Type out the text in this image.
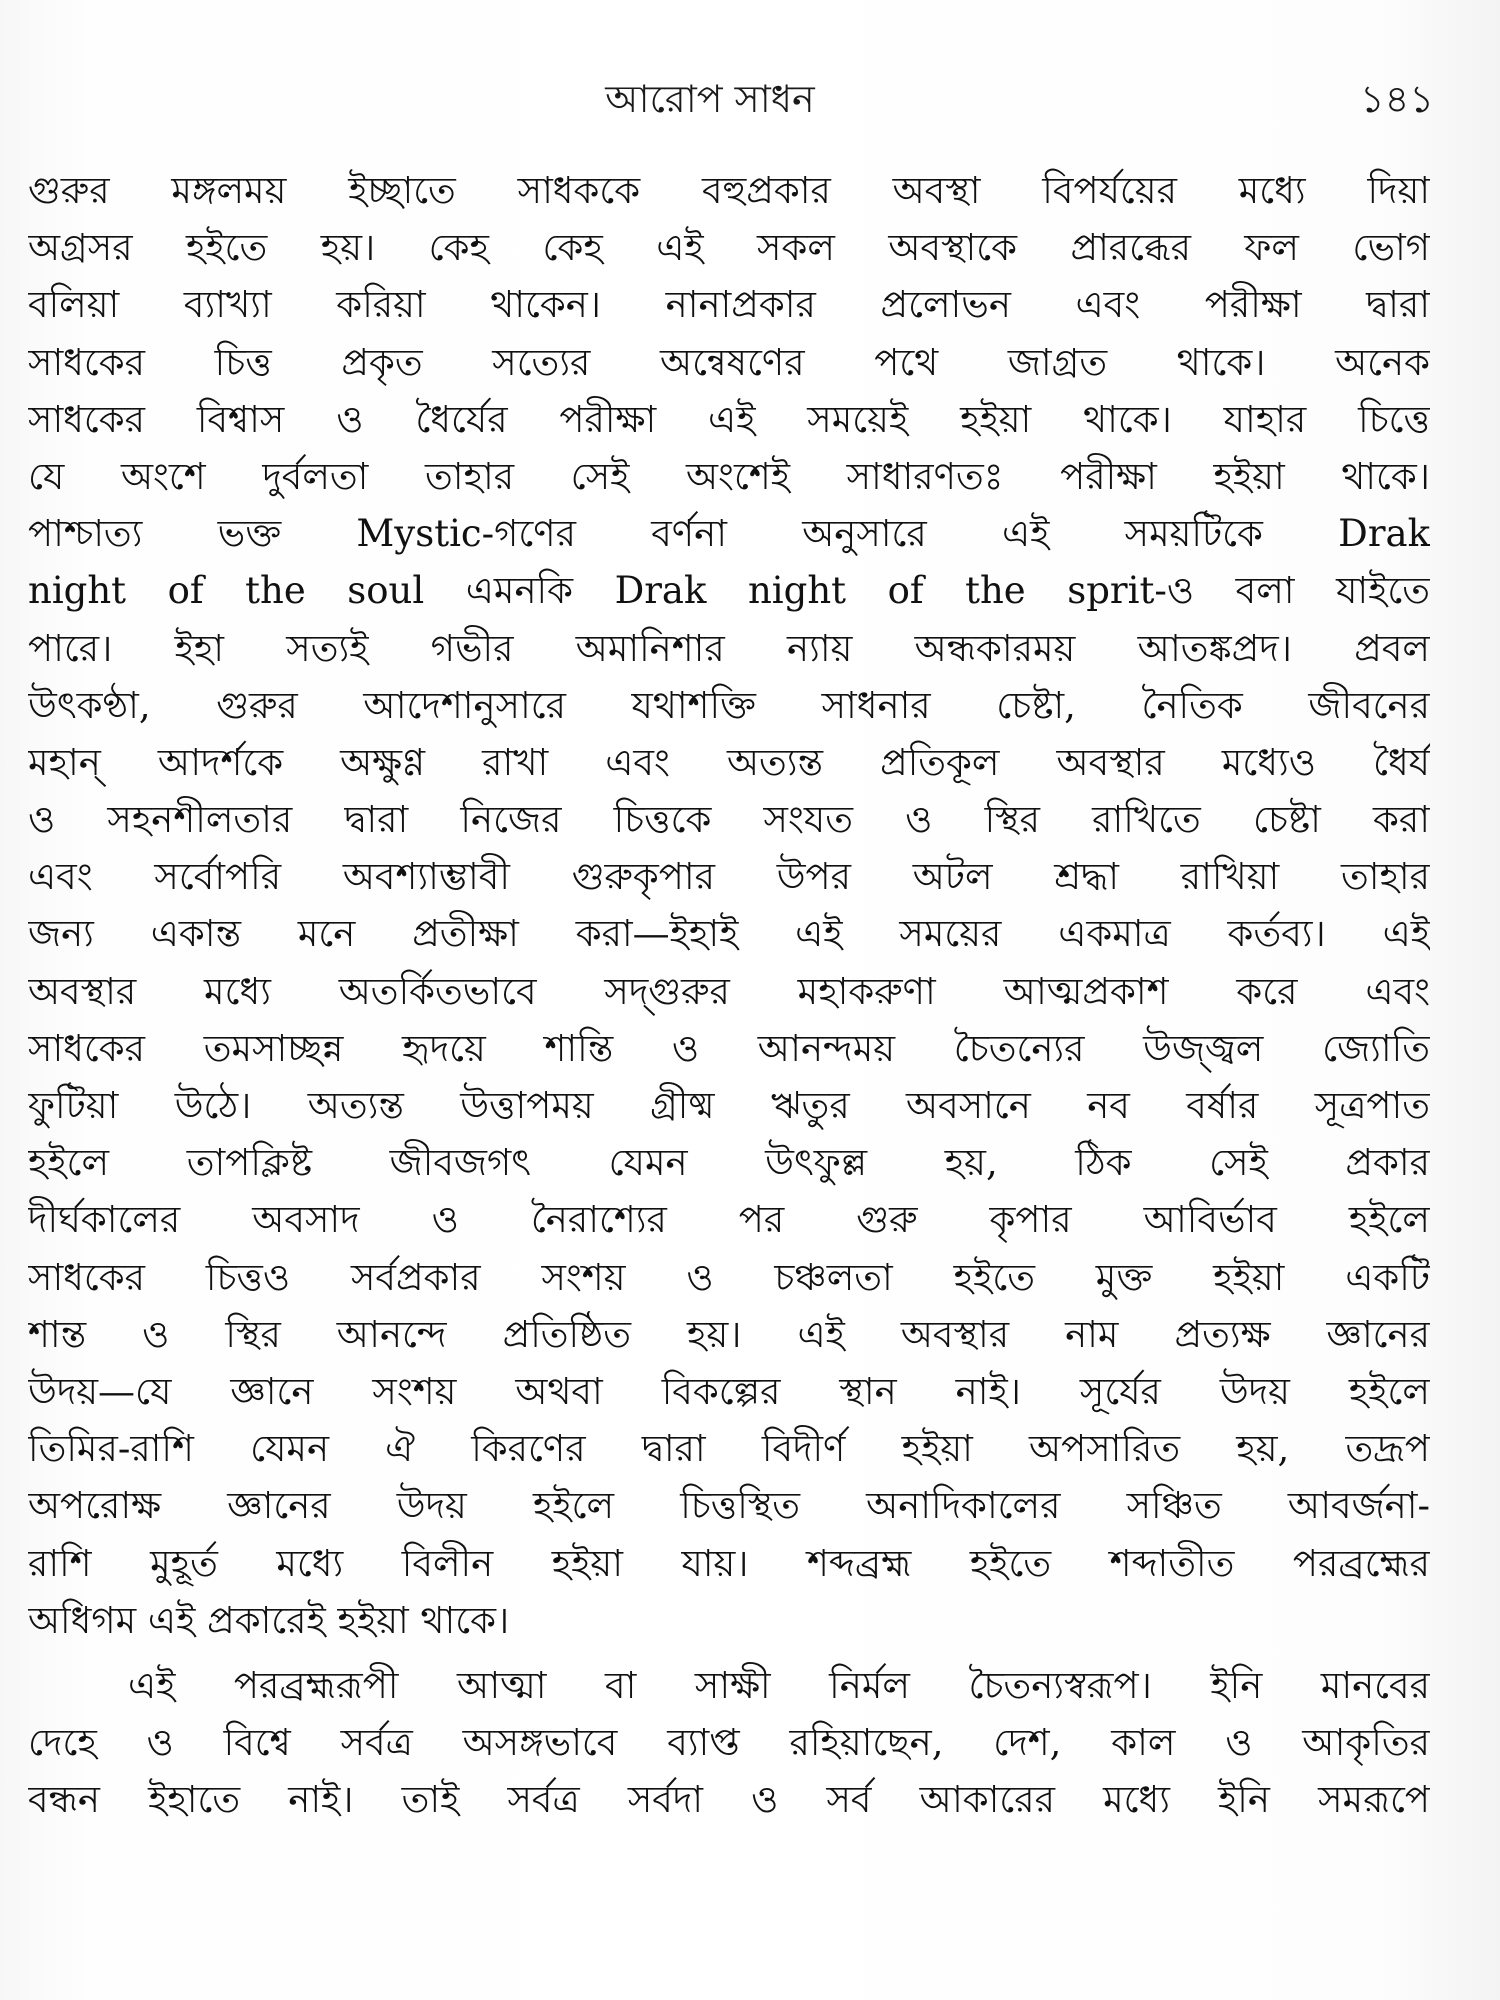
আরোপ সাধন	১৪১
গুরুর মঙ্গলময় ইচ্ছাতে সাধককে বহুপ্রকার অবস্থা বিপর্যয়ের মধ্যে দিয়া
অগ্রসর হইতে হয়। কেহ কেহ এই সকল অবস্থাকে প্রারব্ধের ফল ভোগ
বলিয়া ব্যাখ্যা করিয়া থাকেন। নানাপ্রকার প্রলোভন এবং পরীক্ষা দ্বারা
সাধকের চিত্ত প্রকৃত সত্যের অন্বেষণের পথে জাগ্রত থাকে। অনেক
সাধকের বিশ্বাস ও ধৈর্যের পরীক্ষা এই সময়েই হইয়া থাকে। যাহার চিত্তে
যে অংশে দুর্বলতা তাহার সেই অংশেই সাধারণতঃ পরীক্ষা হইয়া থাকে।
পাশ্চাত্য ভক্ত Mystic-গণের বর্ণনা অনুসারে এই সময়টিকে Drak
night of the soul এমনকি Drak night of the sprit-ও বলা যাইতে
পারে। ইহা সত্যই গভীর অমানিশার ন্যায় অন্ধকারময় আতঙ্কপ্রদ। প্রবল
উৎকণ্ঠা, গুরুর আদেশানুসারে যথাশক্তি সাধনার চেষ্টা, নৈতিক জীবনের
মহান্ আদর্শকে অক্ষুণ্ণ রাখা এবং অত্যন্ত প্রতিকূল অবস্থার মধ্যেও ধৈর্য
ও সহনশীলতার দ্বারা নিজের চিত্তকে সংযত ও স্থির রাখিতে চেষ্টা করা
এবং সর্বোপরি অবশ্যাম্ভাবী গুরুকৃপার উপর অটল শ্রদ্ধা রাখিয়া তাহার
জন্য একান্ত মনে প্রতীক্ষা করা—ইহাই এই সময়ের একমাত্র কর্তব্য। এই
অবস্থার মধ্যে অতর্কিতভাবে সদ্গুরুর মহাকরুণা আত্মপ্রকাশ করে এবং
সাধকের তমসাচ্ছন্ন হৃদয়ে শান্তি ও আনন্দময় চৈতন্যের উজ্জ্বল জ্যোতি
ফুটিয়া উঠে। অত্যন্ত উত্তাপময় গ্রীষ্ম ঋতুর অবসানে নব বর্ষার সূত্রপাত
হইলে তাপক্লিষ্ট জীবজগৎ যেমন উৎফুল্ল হয়, ঠিক সেই প্রকার
দীর্ঘকালের অবসাদ ও নৈরাশ্যের পর গুরু কৃপার আবির্ভাব হইলে
সাধকের চিত্তও সর্বপ্রকার সংশয় ও চঞ্চলতা হইতে মুক্ত হইয়া একটি
শান্ত ও স্থির আনন্দে প্রতিষ্ঠিত হয়। এই অবস্থার নাম প্রত্যক্ষ জ্ঞানের
উদয়—যে জ্ঞানে সংশয় অথবা বিকল্পের স্থান নাই। সূর্যের উদয় হইলে
তিমির-রাশি যেমন ঐ কিরণের দ্বারা বিদীর্ণ হইয়া অপসারিত হয়, তদ্রূপ
অপরোক্ষ জ্ঞানের উদয় হইলে চিত্তস্থিত অনাদিকালের সঞ্চিত আবর্জনা-
রাশি মুহূর্ত মধ্যে বিলীন হইয়া যায়। শব্দব্রহ্ম হইতে শব্দাতীত পরব্রহ্মের
অধিগম এই প্রকারেই হইয়া থাকে।
এই পরব্রহ্মরূপী আত্মা বা সাক্ষী নির্মল চৈতন্যস্বরূপ। ইনি মানবের
দেহে ও বিশ্বে সর্বত্র অসঙ্গভাবে ব্যাপ্ত রহিয়াছেন, দেশ, কাল ও আকৃতির
বন্ধন ইহাতে নাই। তাই সর্বত্র সর্বদা ও সর্ব আকারের মধ্যে ইনি সমরূপে
